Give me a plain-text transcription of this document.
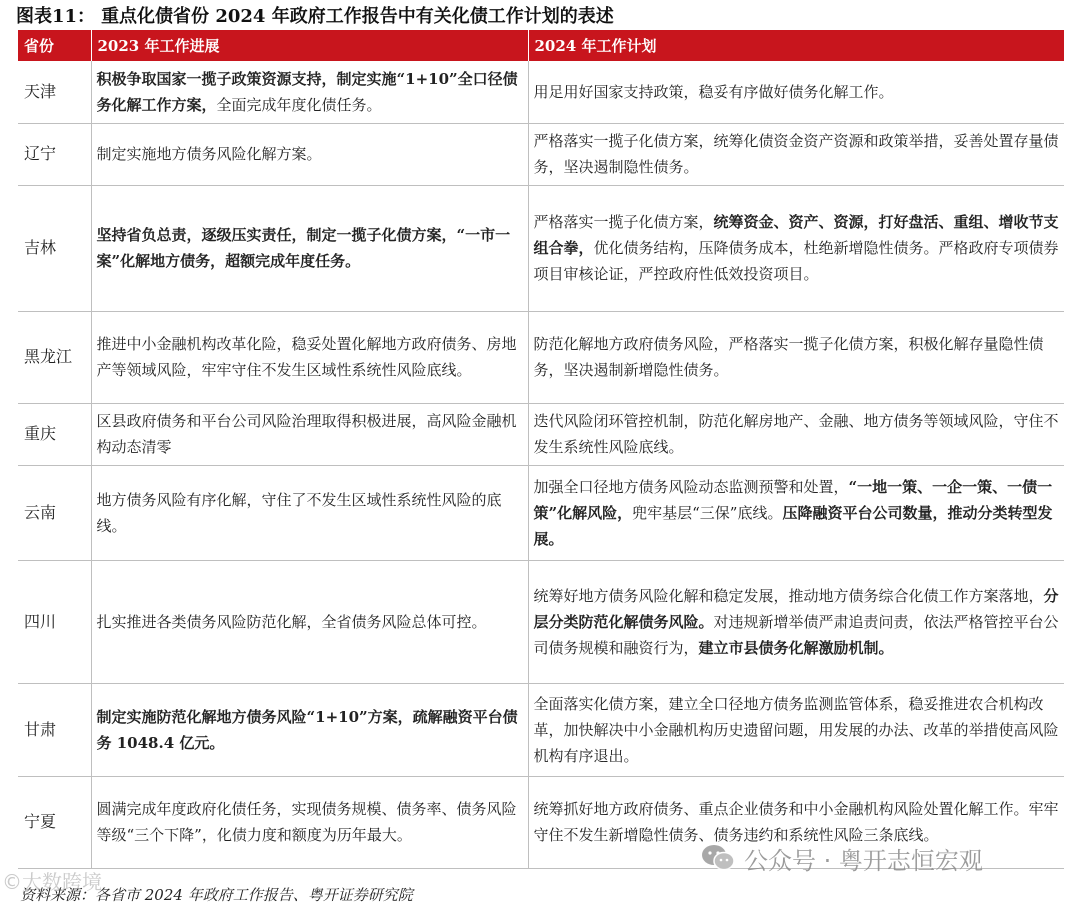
图表11： 重点化债省份 2024 年政府工作报告中有关化债工作计划的表述
省份	2023 年工作进展	2024 年工作计划
天津	积极争取国家一揽子政策资源支持，制定实施“1+10”全口径债务化解工作方案，全面完成年度化债任务。	用足用好国家支持政策，稳妥有序做好债务化解工作。
辽宁	制定实施地方债务风险化解方案。	严格落实一揽子化债方案，统筹化债资金资产资源和政策举措，妥善处置存量债务，坚决遏制隐性债务。
吉林	坚持省负总责，逐级压实责任，制定一揽子化债方案，“一市一案”化解地方债务，超额完成年度任务。	严格落实一揽子化债方案，统筹资金、资产、资源，打好盘活、重组、增收节支组合拳，优化债务结构，压降债务成本，杜绝新增隐性债务。严格政府专项债券项目审核论证，严控政府性低效投资项目。
黑龙江	推进中小金融机构改革化险，稳妥处置化解地方政府债务、房地产等领域风险，牢牢守住不发生区域性系统性风险底线。	防范化解地方政府债务风险，严格落实一揽子化债方案，积极化解存量隐性债务，坚决遏制新增隐性债务。
重庆	区县政府债务和平台公司风险治理取得积极进展，高风险金融机构动态清零	迭代风险闭环管控机制，防范化解房地产、金融、地方债务等领域风险，守住不发生系统性风险底线。
云南	地方债务风险有序化解，守住了不发生区域性系统性风险的底线。	加强全口径地方债务风险动态监测预警和处置，“一地一策、一企一策、一债一策”化解风险，兜牢基层“三保”底线。压降融资平台公司数量，推动分类转型发展。
四川	扎实推进各类债务风险防范化解，全省债务风险总体可控。	统筹好地方债务风险化解和稳定发展，推动地方债务综合化债工作方案落地，分层分类防范化解债务风险。对违规新增举债严肃追责问责，依法严格管控平台公司债务规模和融资行为，建立市县债务化解激励机制。
甘肃	制定实施防范化解地方债务风险“1+10”方案，疏解融资平台债务 1048.4 亿元。	全面落实化债方案，建立全口径地方债务监测监管体系，稳妥推进农合机构改革，加快解决中小金融机构历史遗留问题，用发展的办法、改革的举措使高风险机构有序退出。
宁夏	圆满完成年度政府化债任务，实现债务规模、债务率、债务风险等级“三个下降”，化债力度和额度为历年最大。	统筹抓好地方政府债务、重点企业债务和中小金融机构风险处置化解工作。牢牢守住不发生新增隐性债务、债务违约和系统性风险三条底线。
©大数跨境
资料来源：各省市 2024 年政府工作报告、粤开证券研究院
公众号 · 粤开志恒宏观
